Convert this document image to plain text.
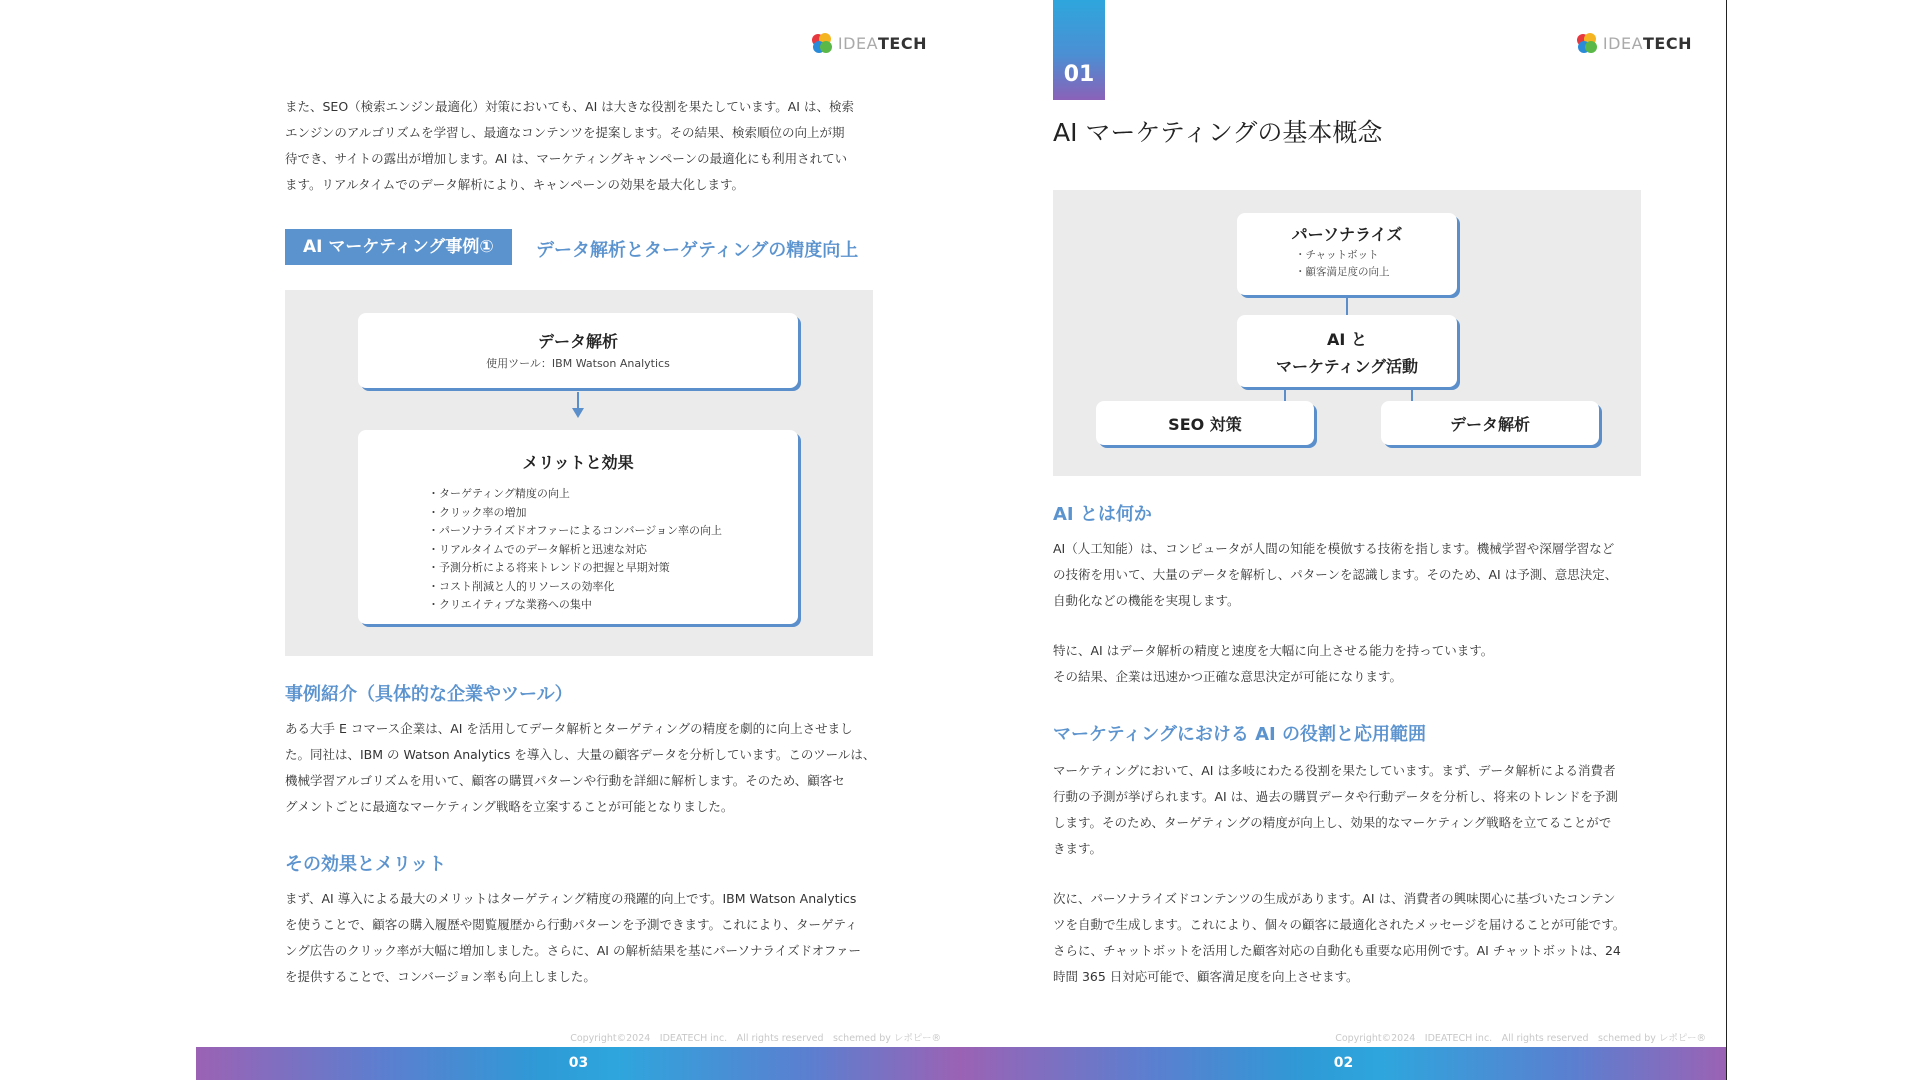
IDEATECH
また、SEO（検索エンジン最適化）対策においても、AI は大きな役割を果たしています。AI は、検索
エンジンのアルゴリズムを学習し、最適なコンテンツを提案します。その結果、検索順位の向上が期
待でき、サイトの露出が増加します。AI は、マーケティングキャンペーンの最適化にも利用されてい
ます。リアルタイムでのデータ解析により、キャンペーンの効果を最大化します。
AI マーケティング事例①	データ解析とターゲティングの精度向上
データ解析
使用ツール：IBM Watson Analytics
メリットと効果
・ターゲティング精度の向上
・クリック率の増加
・パーソナライズドオファーによるコンバージョン率の向上
・リアルタイムでのデータ解析と迅速な対応
・予測分析による将来トレンドの把握と早期対策
・コスト削減と人的リソースの効率化
・クリエイティブな業務への集中
事例紹介（具体的な企業やツール）
ある大手 E コマース企業は、AI を活用してデータ解析とターゲティングの精度を劇的に向上させまし
た。同社は、IBM の Watson Analytics を導入し、大量の顧客データを分析しています。このツールは、
機械学習アルゴリズムを用いて、顧客の購買パターンや行動を詳細に解析します。そのため、顧客セ
グメントごとに最適なマーケティング戦略を立案することが可能となりました。
その効果とメリット
まず、AI 導入による最大のメリットはターゲティング精度の飛躍的向上です。IBM Watson Analytics
を使うことで、顧客の購入履歴や閲覧履歴から行動パターンを予測できます。これにより、ターゲティ
ング広告のクリック率が大幅に増加しました。さらに、AI の解析結果を基にパーソナライズドオファー
を提供することで、コンバージョン率も向上しました。
Copyright©2024　IDEATECH inc.　All rights reserved　schemed by レポピー®
03
IDEATECH
01
AI マーケティングの基本概念
パーソナライズ
・チャットボット
・顧客満足度の向上
AI と
マーケティング活動
SEO 対策	データ解析
AI とは何か
AI（人工知能）は、コンピュータが人間の知能を模倣する技術を指します。機械学習や深層学習など
の技術を用いて、大量のデータを解析し、パターンを認識します。そのため、AI は予測、意思決定、
自動化などの機能を実現します。
特に、AI はデータ解析の精度と速度を大幅に向上させる能力を持っています。
その結果、企業は迅速かつ正確な意思決定が可能になります。
マーケティングにおける AI の役割と応用範囲
マーケティングにおいて、AI は多岐にわたる役割を果たしています。まず、データ解析による消費者
行動の予測が挙げられます。AI は、過去の購買データや行動データを分析し、将来のトレンドを予測
します。そのため、ターゲティングの精度が向上し、効果的なマーケティング戦略を立てることがで
きます。
次に、パーソナライズドコンテンツの生成があります。AI は、消費者の興味関心に基づいたコンテン
ツを自動で生成します。これにより、個々の顧客に最適化されたメッセージを届けることが可能です。
さらに、チャットボットを活用した顧客対応の自動化も重要な応用例です。AI チャットボットは、24
時間 365 日対応可能で、顧客満足度を向上させます。
Copyright©2024　IDEATECH inc.　All rights reserved　schemed by レポピー®
02
